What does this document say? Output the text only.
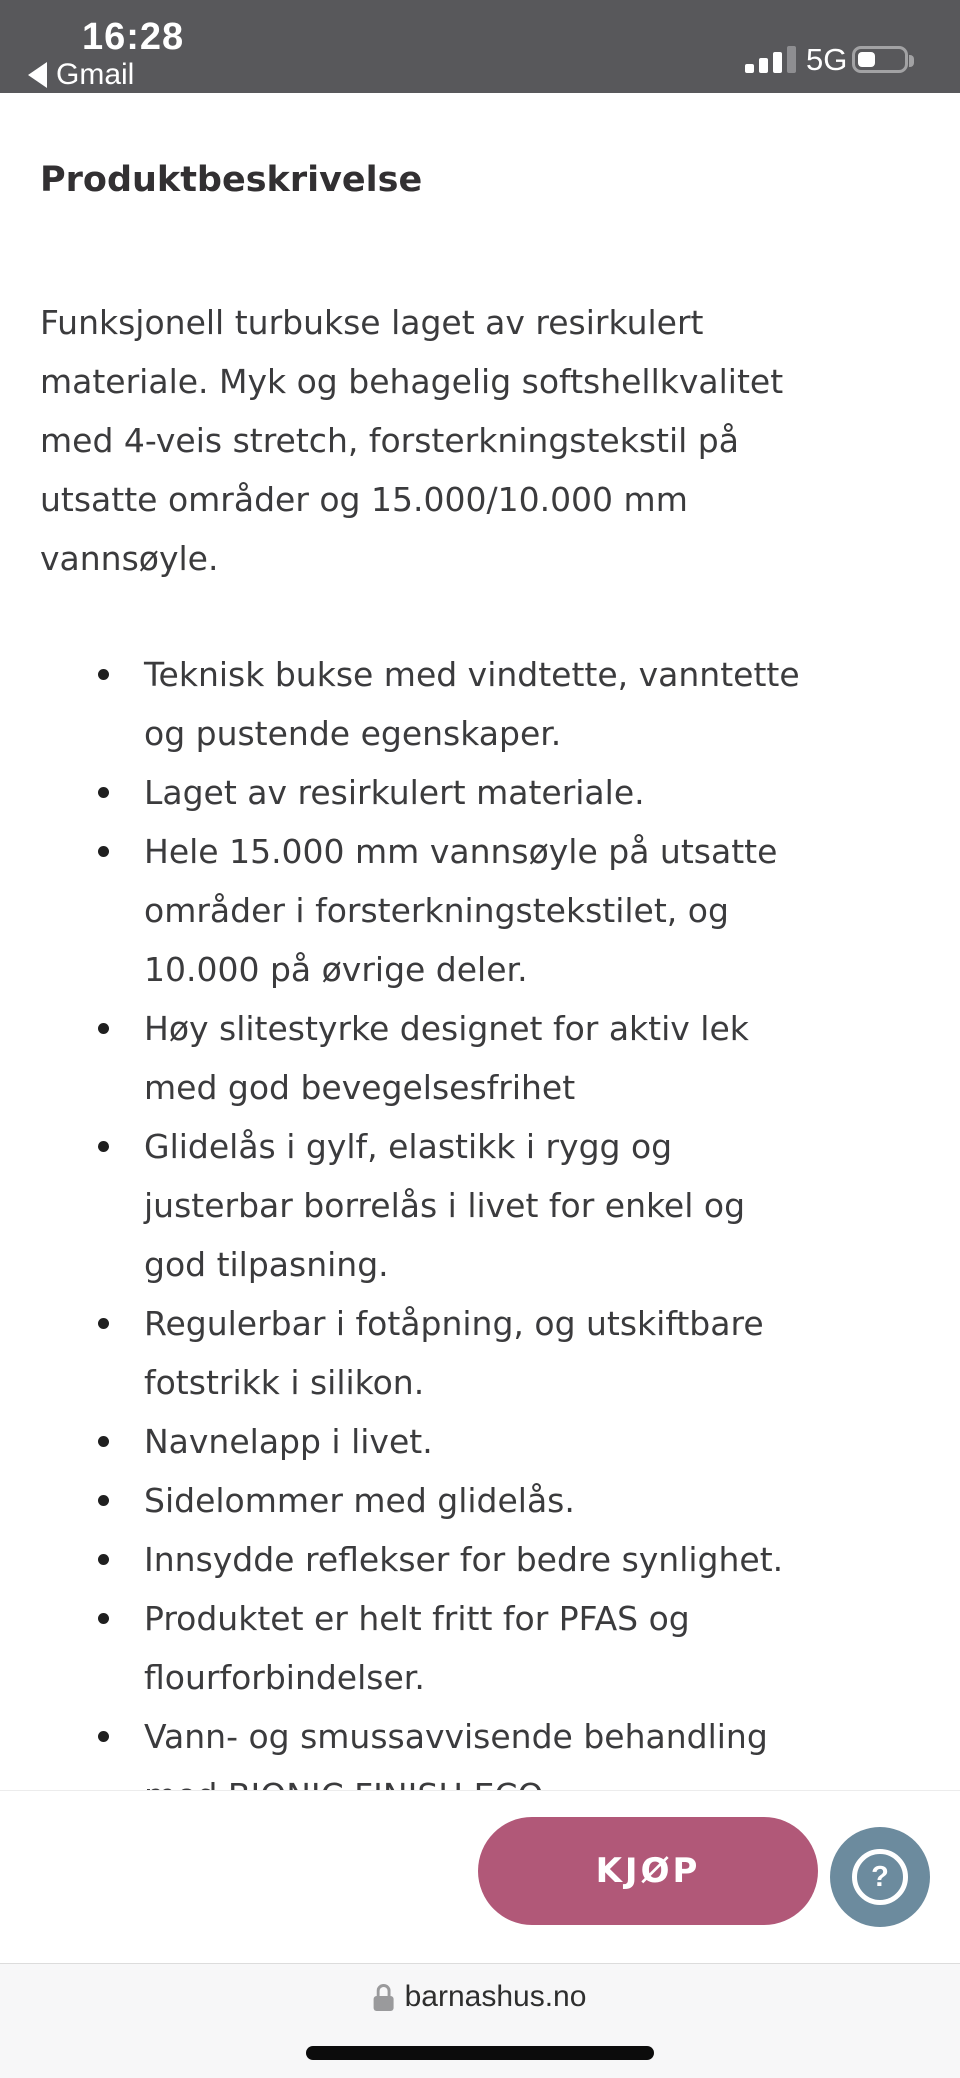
16:28
Gmail	5G
Produktbeskrivelse
Funksjonell turbukse laget av resirkulert
materiale. Myk og behagelig softshellkvalitet
med 4-veis stretch, forsterkningstekstil på
utsatte områder og 15.000/10.000 mm
vannsøyle.
Teknisk bukse med vindtette, vanntette
og pustende egenskaper.
Laget av resirkulert materiale.
Hele 15.000 mm vannsøyle på utsatte
områder i forsterkningstekstilet, og
10.000 på øvrige deler.
Høy slitestyrke designet for aktiv lek
med god bevegelsesfrihet
Glidelås i gylf, elastikk i rygg og
justerbar borrelås i livet for enkel og
god tilpasning.
Regulerbar i fotåpning, og utskiftbare
fotstrikk i silikon.
Navnelapp i livet.
Sidelommer med glidelås.
Innsydde reflekser for bedre synlighet.
Produktet er helt fritt for PFAS og
flourforbindelser.
Vann- og smussavvisende behandling
KJØP	?
barnashus.no
